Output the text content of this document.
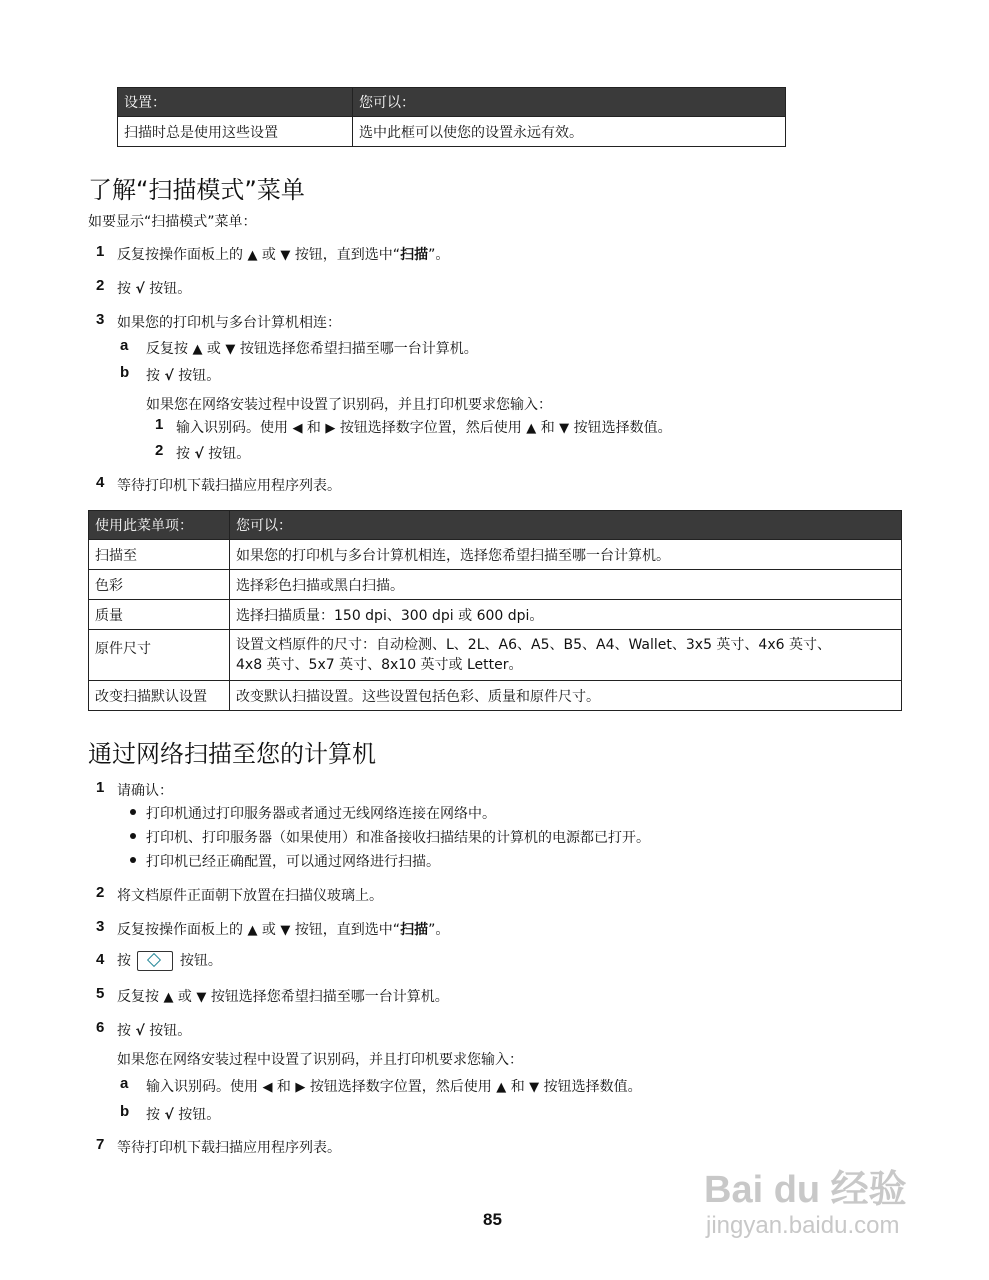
设置：	您可以：
扫描时总是使用这些设置	选中此框可以使您的设置永远有效。
了解“扫描模式”菜单
如要显示“扫描模式”菜单：
1 反复按操作面板上的 ▲ 或 ▼ 按钮，直到选中“扫描”。
2 按 √ 按钮。
3 如果您的打印机与多台计算机相连：
a 反复按 ▲ 或 ▼ 按钮选择您希望扫描至哪一台计算机。
b 按 √ 按钮。
如果您在网络安装过程中设置了识别码，并且打印机要求您输入：
1 输入识别码。使用 ◀ 和 ▶ 按钮选择数字位置，然后使用 ▲ 和 ▼ 按钮选择数值。
2 按 √ 按钮。
4 等待打印机下载扫描应用程序列表。
使用此菜单项：	您可以：
扫描至	如果您的打印机与多台计算机相连，选择您希望扫描至哪一台计算机。
色彩	选择彩色扫描或黑白扫描。
质量	选择扫描质量：150 dpi、300 dpi 或 600 dpi。
原件尺寸	设置文档原件的尺寸：自动检测、L、2L、A6、A5、B5、A4、Wallet、3x5 英寸、4x6 英寸、
4x8 英寸、5x7 英寸、8x10 英寸或 Letter。

改变扫描默认设置	改变默认扫描设置。这些设置包括色彩、质量和原件尺寸。
通过网络扫描至您的计算机
1 请确认：
打印机通过打印服务器或者通过无线网络连接在网络中。
打印机、打印服务器（如果使用）和准备接收扫描结果的计算机的电源都已打开。
打印机已经正确配置，可以通过网络进行扫描。
2 将文档原件正面朝下放置在扫描仪玻璃上。
3 反复按操作面板上的 ▲ 或 ▼ 按钮，直到选中“扫描”。
4 按	按钮。
5 反复按 ▲ 或 ▼ 按钮选择您希望扫描至哪一台计算机。
6 按 √ 按钮。
如果您在网络安装过程中设置了识别码，并且打印机要求您输入：
a 输入识别码。使用 ◀ 和 ▶ 按钮选择数字位置，然后使用 ▲ 和 ▼ 按钮选择数值。
b 按 √ 按钮。
7 等待打印机下载扫描应用程序列表。
85
Bai du 经验
jingyan.baidu.com
